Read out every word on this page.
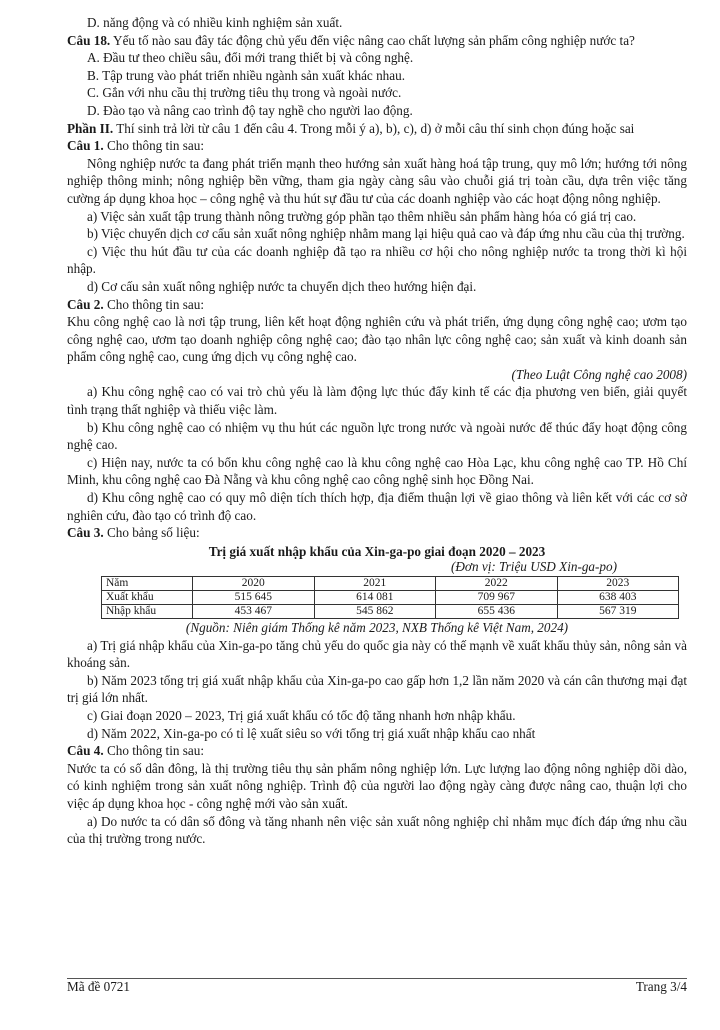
D. năng động và có nhiều kinh nghiệm sản xuất.

Câu 18. Yếu tố nào sau đây tác động chủ yếu đến việc nâng cao chất lượng sản phẩm công nghiệp nước ta?

A. Đầu tư theo chiều sâu, đổi mới trang thiết bị và công nghệ.

B. Tập trung vào phát triển nhiều ngành sản xuất khác nhau.

C. Gắn với nhu cầu thị trường tiêu thụ trong và ngoài nước.

D. Đào tạo và nâng cao trình độ tay nghề cho người lao động.

Phần II. Thí sinh trả lời từ câu 1 đến câu 4. Trong mỗi ý a), b), c), d) ở mỗi câu thí sinh chọn đúng hoặc sai

Câu 1. Cho thông tin sau:

Nông nghiệp nước ta đang phát triển mạnh theo hướng sản xuất hàng hoá tập trung, quy mô lớn; hướng tới nông nghiệp thông minh; nông nghiệp bền vững, tham gia ngày càng sâu vào chuỗi giá trị toàn cầu, dựa trên việc tăng cường áp dụng khoa học – công nghệ và thu hút sự đầu tư của các doanh nghiệp vào các hoạt động nông nghiệp.

a) Việc sản xuất tập trung thành nông trường góp phần tạo thêm nhiều sản phẩm hàng hóa có giá trị cao.

b) Việc chuyển dịch cơ cấu sản xuất nông nghiệp nhằm mang lại hiệu quả cao và đáp ứng nhu cầu của thị trường.

c) Việc thu hút đầu tư của các doanh nghiệp đã tạo ra nhiều cơ hội cho nông nghiệp nước ta trong thời kì hội nhập.

d) Cơ cấu sản xuất nông nghiệp nước ta chuyển dịch theo hướng hiện đại.

Câu 2. Cho thông tin sau:

Khu công nghệ cao là nơi tập trung, liên kết hoạt động nghiên cứu và phát triển, ứng dụng công nghệ cao; ươm tạo công nghệ cao, ươm tạo doanh nghiệp công nghệ cao; đào tạo nhân lực công nghệ cao; sản xuất và kinh doanh sản phẩm công nghệ cao, cung ứng dịch vụ công nghệ cao.

(Theo Luật Công nghệ cao 2008)

a) Khu công nghệ cao có vai trò chủ yếu là làm động lực thúc đẩy kinh tế các địa phương ven biển, giải quyết tình trạng thất nghiệp và thiếu việc làm.

b) Khu công nghệ cao có nhiệm vụ thu hút các nguồn lực trong nước và ngoài nước để thúc đẩy hoạt động công nghệ cao.

c) Hiện nay, nước ta có bốn khu công nghệ cao là khu công nghệ cao Hòa Lạc, khu công nghệ cao TP. Hồ Chí Minh, khu công nghệ cao Đà Nẵng và khu công nghệ cao công nghệ sinh học Đồng Nai.

d) Khu công nghệ cao có quy mô diện tích thích hợp, địa điểm thuận lợi về giao thông và liên kết với các cơ sở nghiên cứu, đào tạo có trình độ cao.

Câu 3. Cho bảng số liệu:

Trị giá xuất nhập khẩu của Xin-ga-po giai đoạn 2020 – 2023

(Đơn vị: Triệu USD Xin-ga-po)

Năm	2020	2021	2022	2023
Xuất khẩu	515 645	614 081	709 967	638 403
Nhập khẩu	453 467	545 862	655 436	567 319

(Nguồn: Niên giám Thống kê năm 2023, NXB Thống kê Việt Nam, 2024)

a) Trị giá nhập khẩu của Xin-ga-po tăng chủ yếu do quốc gia này có thế mạnh về xuất khẩu thủy sản, nông sản và khoáng sản.

b) Năm 2023 tổng trị giá xuất nhập khẩu của Xin-ga-po cao gấp hơn 1,2 lần năm 2020 và cán cân thương mại đạt trị giá lớn nhất.

c) Giai đoạn 2020 – 2023, Trị giá xuất khẩu có tốc độ tăng nhanh hơn nhập khẩu.

d) Năm 2022, Xin-ga-po có tỉ lệ xuất siêu so với tổng trị giá xuất nhập khẩu cao nhất

Câu 4. Cho thông tin sau:

Nước ta có số dân đông, là thị trường tiêu thụ sản phẩm nông nghiệp lớn. Lực lượng lao động nông nghiệp dồi dào, có kinh nghiệm trong sản xuất nông nghiệp. Trình độ của người lao động ngày càng được nâng cao, thuận lợi cho việc áp dụng khoa học - công nghệ mới vào sản xuất.

a) Do nước ta có dân số đông và tăng nhanh nên việc sản xuất nông nghiệp chỉ nhằm mục đích đáp ứng nhu cầu của thị trường trong nước.

Mã đề 0721	Trang 3/4
